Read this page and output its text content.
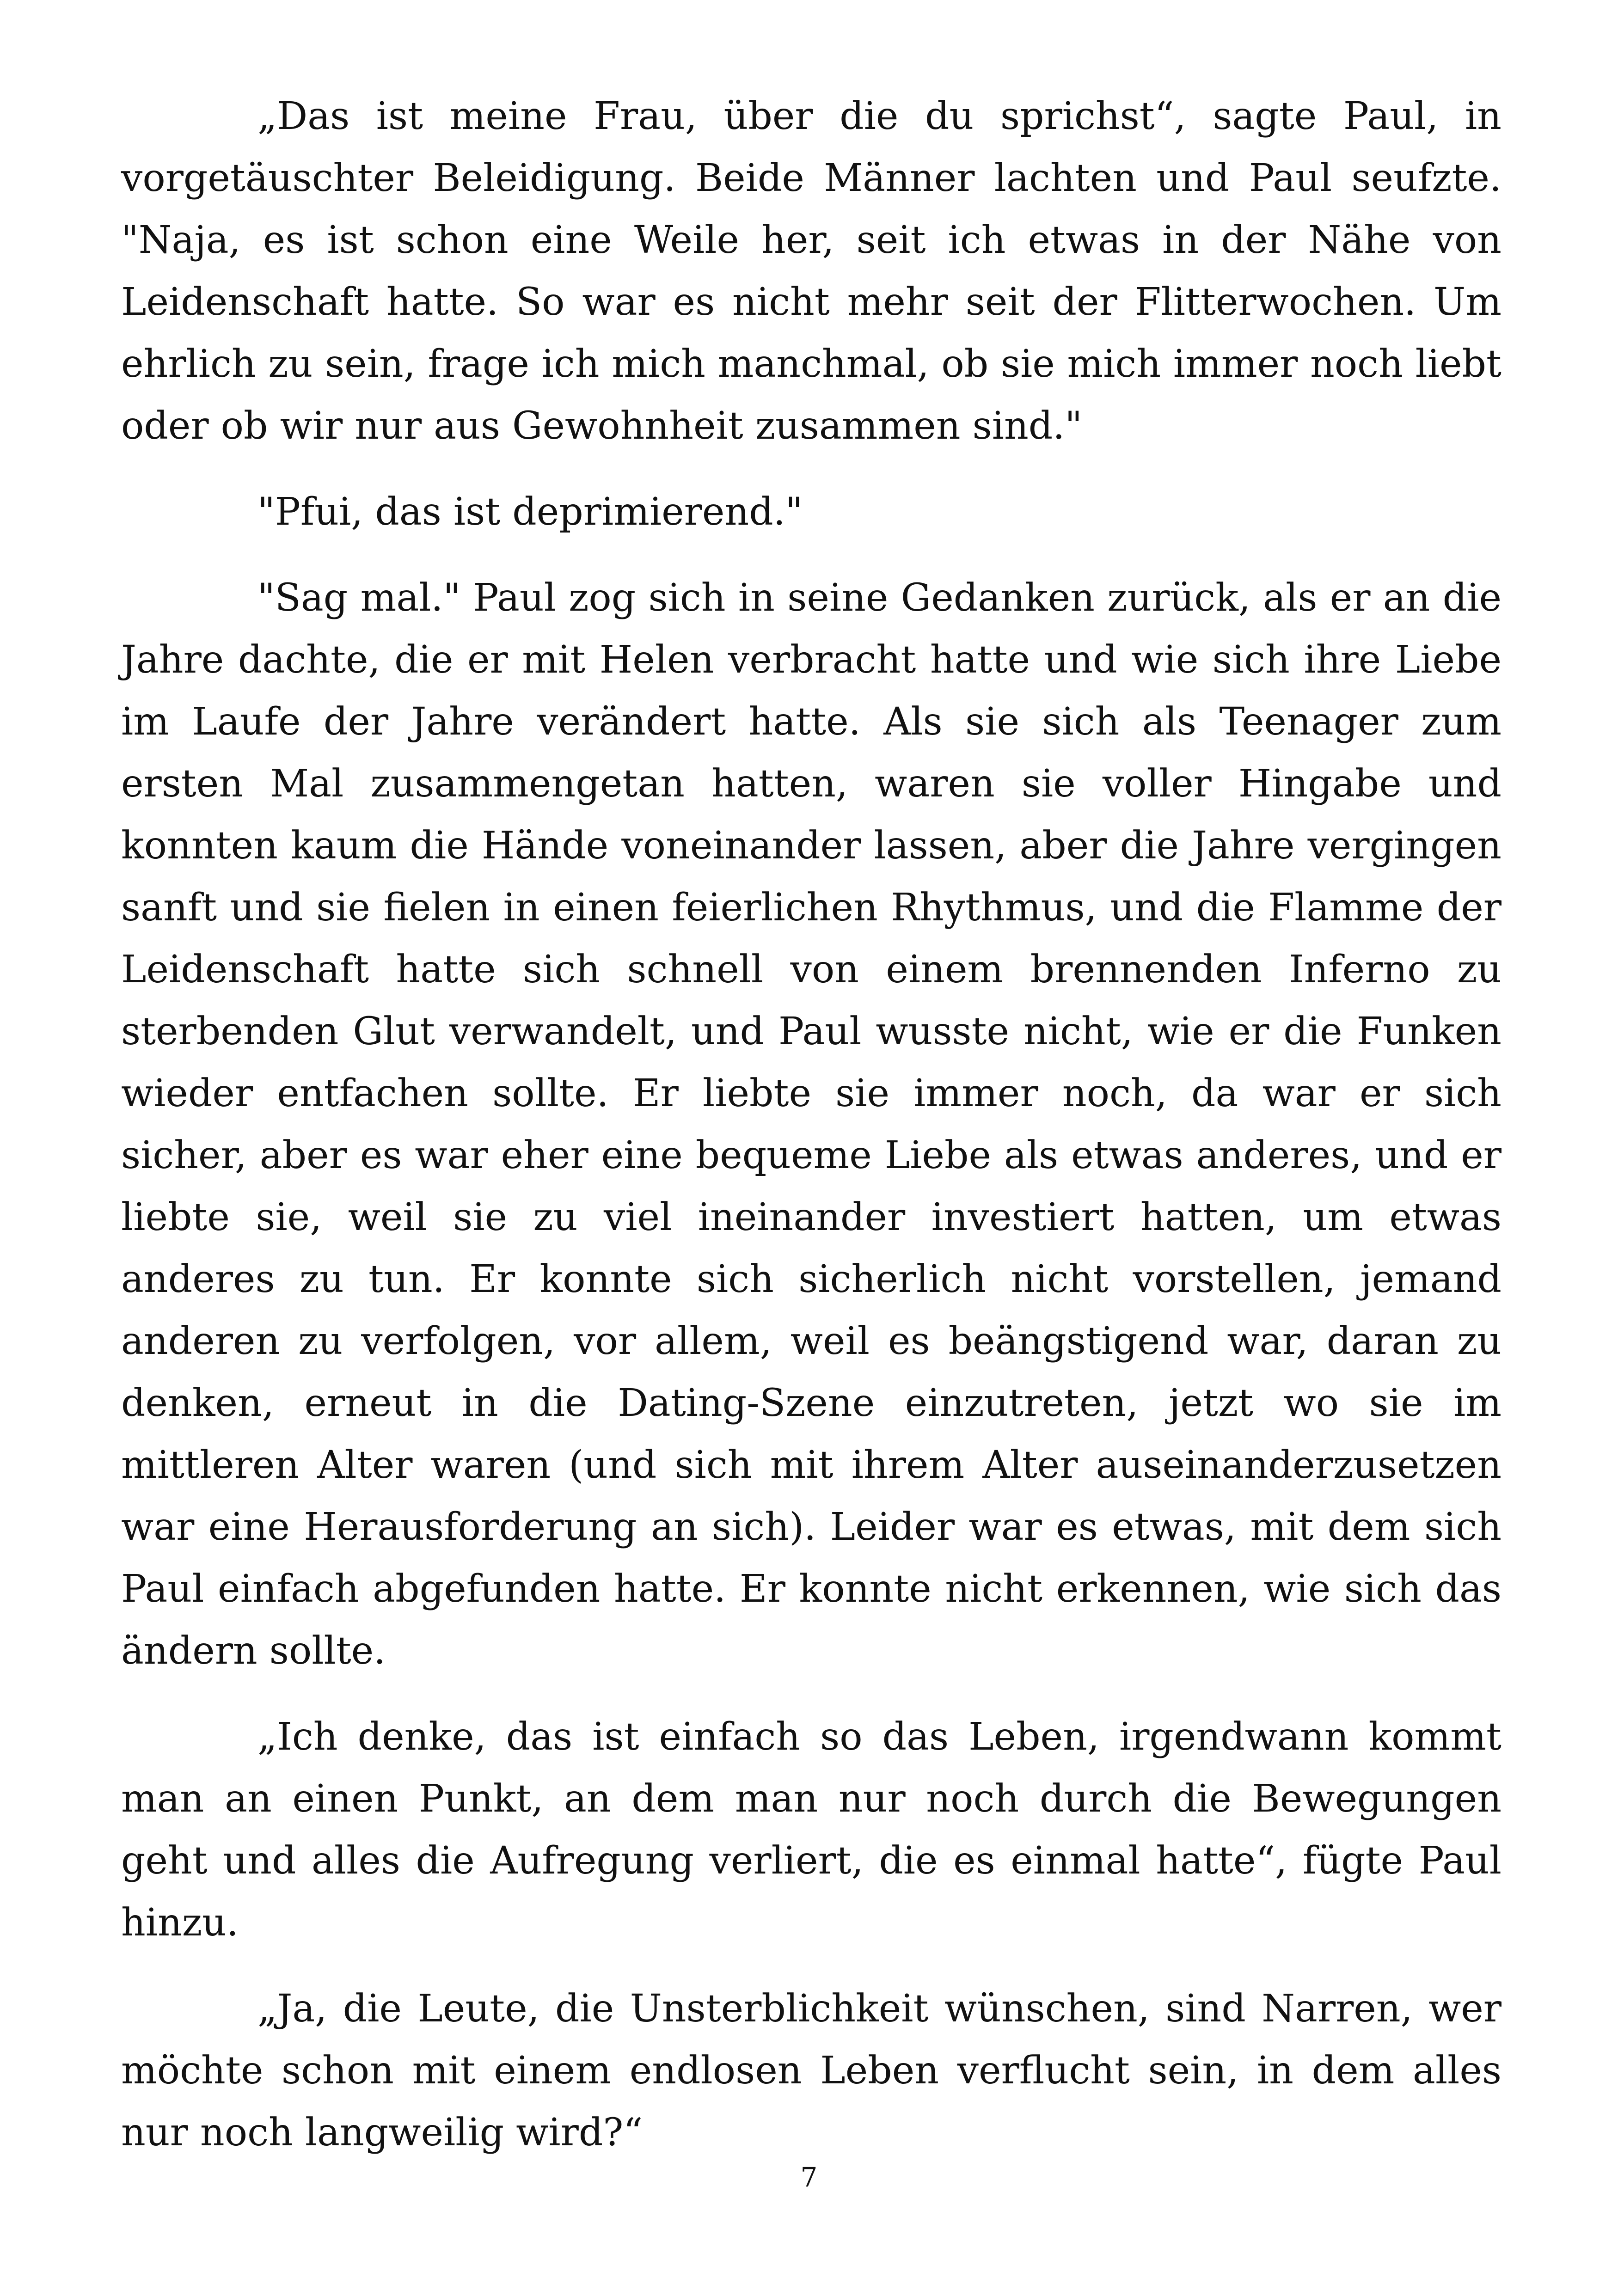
„Das ist meine Frau, über die du sprichst“, sagte Paul, in vorgetäuschter Beleidigung. Beide Männer lachten und Paul seufzte. "Naja, es ist schon eine Weile her, seit ich etwas in der Nähe von Leidenschaft hatte. So war es nicht mehr seit der Flitterwochen. Um ehrlich zu sein, frage ich mich manchmal, ob sie mich immer noch liebt oder ob wir nur aus Gewohnheit zusammen sind."

"Pfui, das ist deprimierend."

"Sag mal." Paul zog sich in seine Gedanken zurück, als er an die Jahre dachte, die er mit Helen verbracht hatte und wie sich ihre Liebe im Laufe der Jahre verändert hatte. Als sie sich als Teenager zum ersten Mal zusammengetan hatten, waren sie voller Hingabe und konnten kaum die Hände voneinander lassen, aber die Jahre vergingen sanft und sie fielen in einen feierlichen Rhythmus, und die Flamme der Leidenschaft hatte sich schnell von einem brennenden Inferno zu sterbenden Glut verwandelt, und Paul wusste nicht, wie er die Funken wieder entfachen sollte. Er liebte sie immer noch, da war er sich sicher, aber es war eher eine bequeme Liebe als etwas anderes, und er liebte sie, weil sie zu viel ineinander investiert hatten, um etwas anderes zu tun. Er konnte sich sicherlich nicht vorstellen, jemand anderen zu verfolgen, vor allem, weil es beängstigend war, daran zu denken, erneut in die Dating-Szene einzutreten, jetzt wo sie im mittleren Alter waren (und sich mit ihrem Alter auseinanderzusetzen war eine Herausforderung an sich). Leider war es etwas, mit dem sich Paul einfach abgefunden hatte. Er konnte nicht erkennen, wie sich das ändern sollte.

„Ich denke, das ist einfach so das Leben, irgendwann kommt man an einen Punkt, an dem man nur noch durch die Bewegungen geht und alles die Aufregung verliert, die es einmal hatte“, fügte Paul hinzu.

„Ja, die Leute, die Unsterblichkeit wünschen, sind Narren, wer möchte schon mit einem endlosen Leben verflucht sein, in dem alles nur noch langweilig wird?“

7
